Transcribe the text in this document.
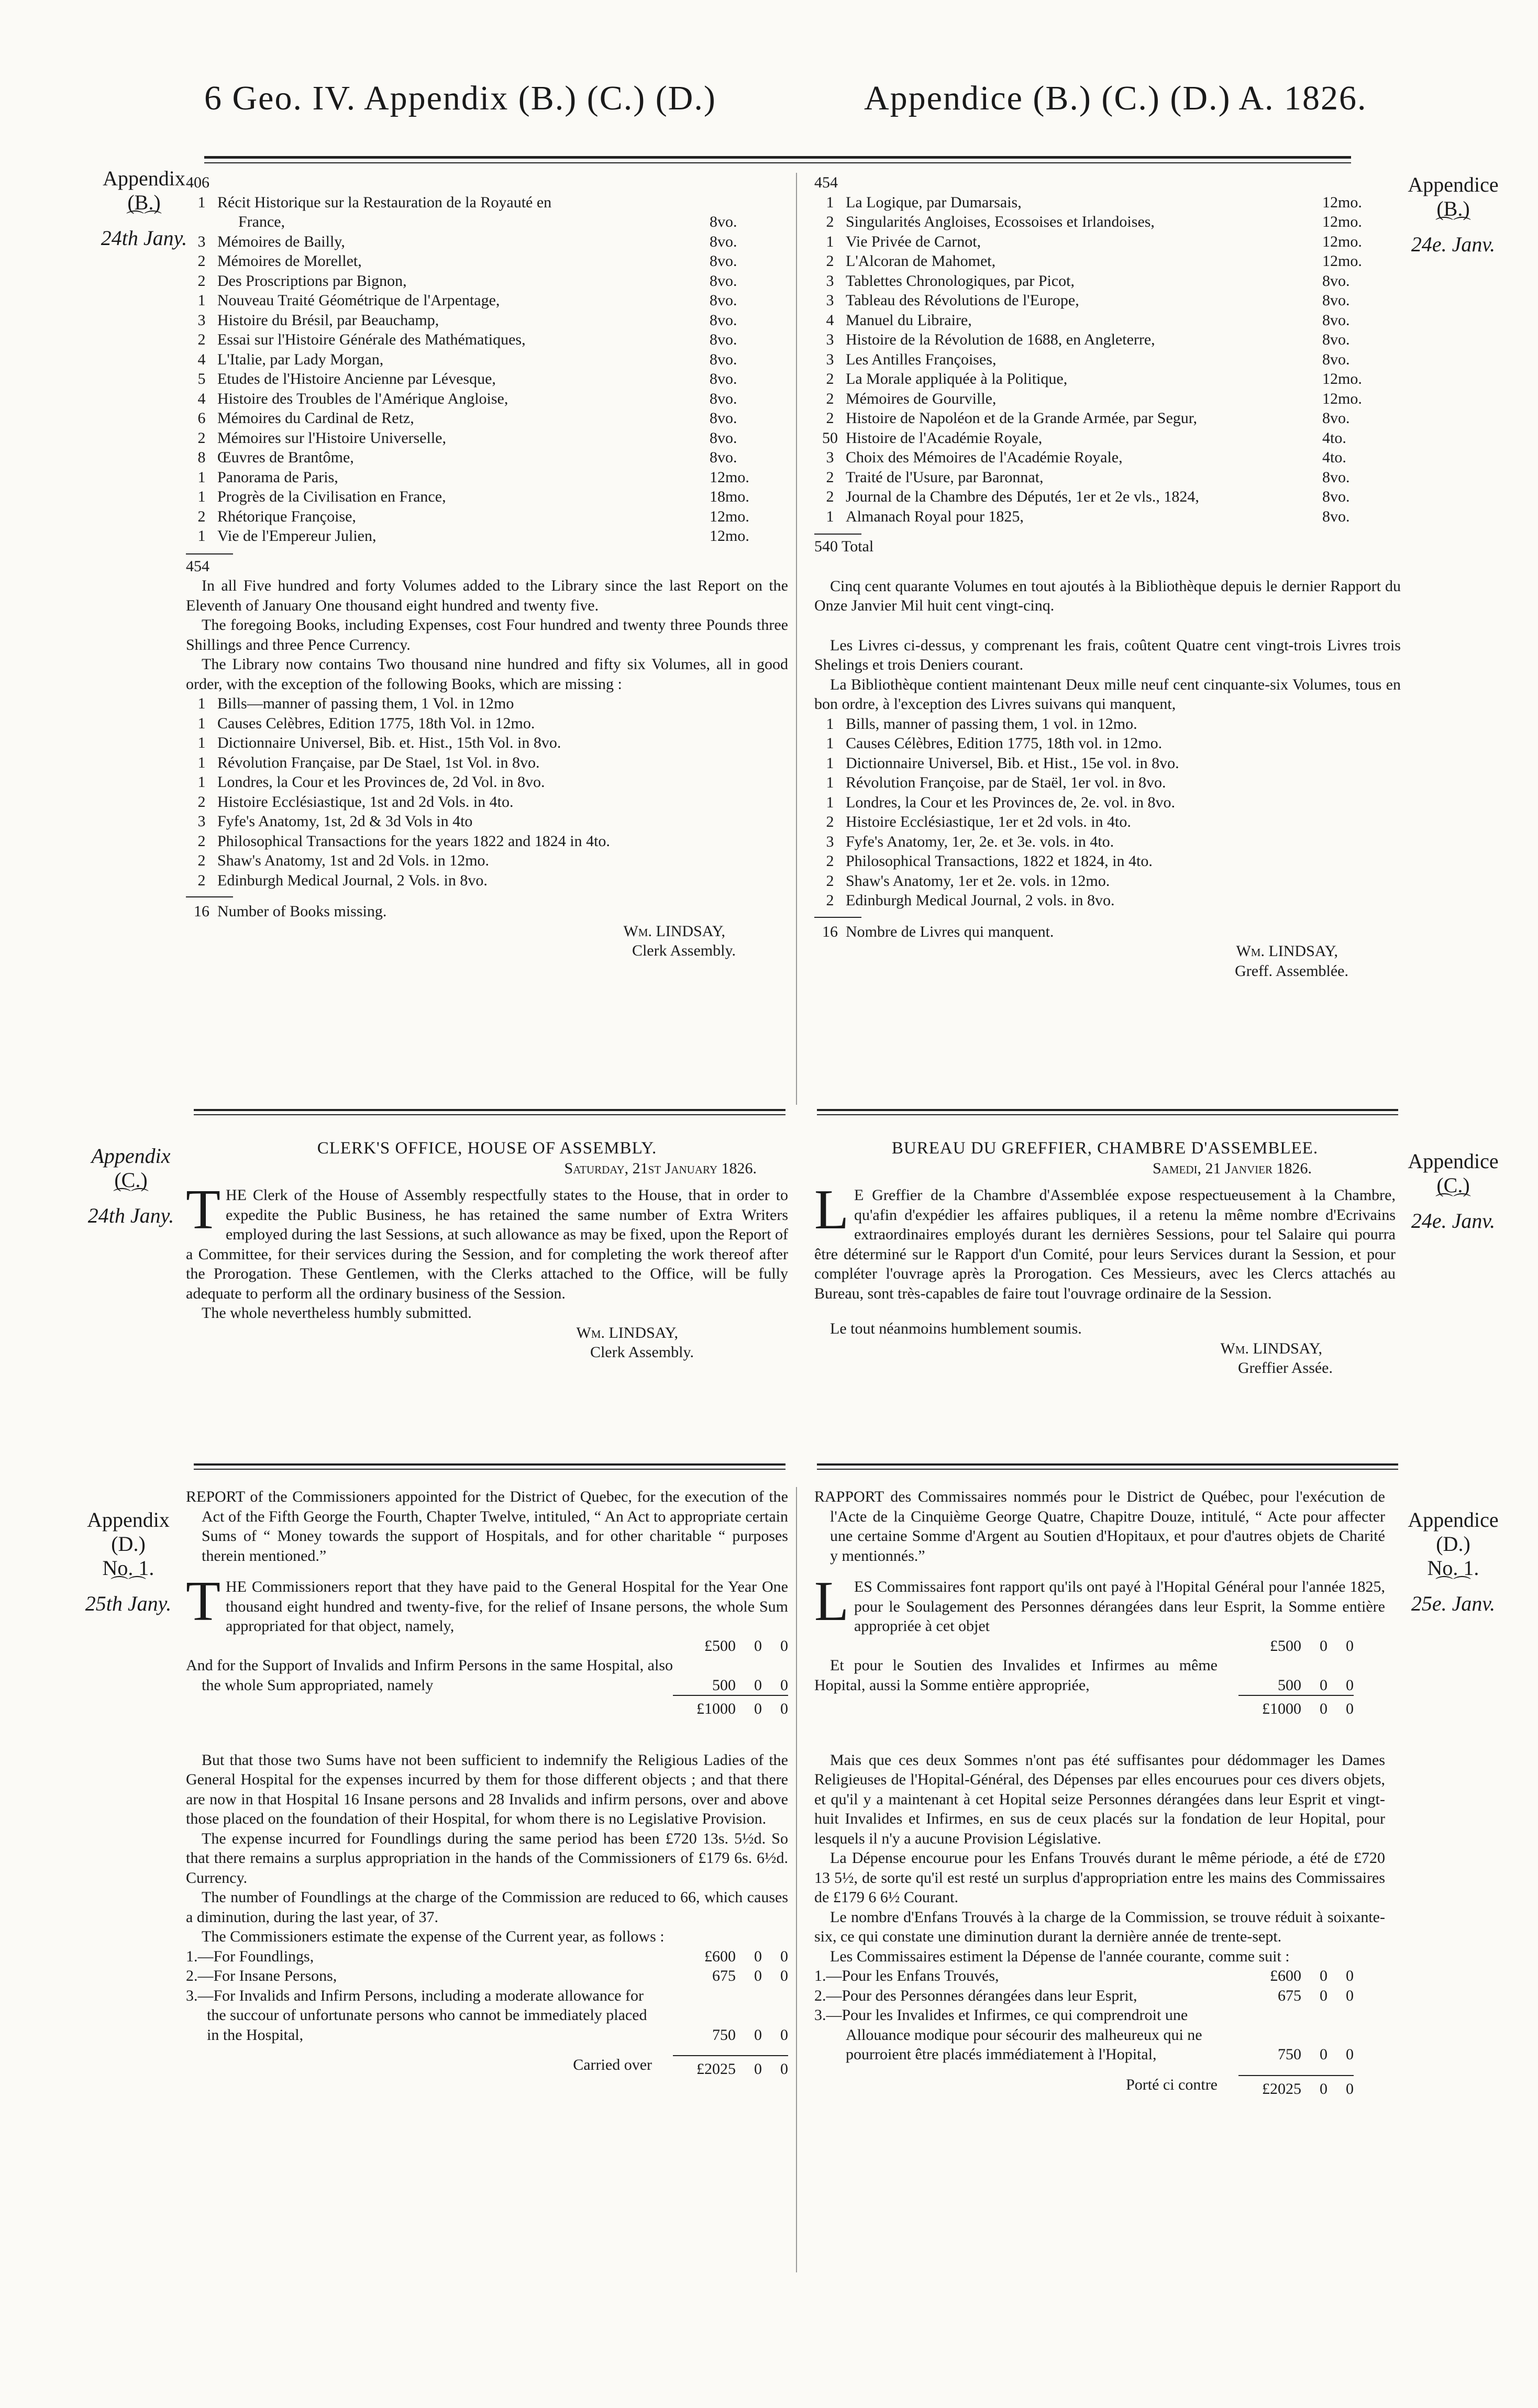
6 Geo. IV. Appendix (B.) (C.) (D.)	Appendice (B.) (C.) (D.) A. 1826.
Appendix
(B.)
⌒⌒
24th Jany.
Appendice
(B.)
⌒⌒
24e. Janv.
Appendix
(C.)
⌒⌒
24th Jany.
Appendice
(C.)
⌒⌒
24e. Janv.
Appendix
(D.)
No. 1.
⌒⌒
25th Jany.
Appendice
(D.)
No. 1.
⌒⌒
25e. Janv.
406
1 Récit Historique sur la Restauration de la Royauté en
France,	8vo.
3 Mémoires de Bailly,	8vo.
2 Mémoires de Morellet,	8vo.
2 Des Proscriptions par Bignon,	8vo.
1 Nouveau Traité Géométrique de l'Arpentage,	8vo.
3 Histoire du Brésil, par Beauchamp,	8vo.
2 Essai sur l'Histoire Générale des Mathématiques,	8vo.
4 L'Italie, par Lady Morgan,	8vo.
5 Etudes de l'Histoire Ancienne par Lévesque,	8vo.
4 Histoire des Troubles de l'Amérique Angloise,	8vo.
6 Mémoires du Cardinal de Retz,	8vo.
2 Mémoires sur l'Histoire Universelle,	8vo.
8 Œuvres de Brantôme,	8vo.
1 Panorama de Paris,	12mo.
1 Progrès de la Civilisation en France,	18mo.
2 Rhétorique Françoise,	12mo.
1 Vie de l'Empereur Julien,	12mo.
454

In all Five hundred and forty Volumes added to the Library since the last Report on the Eleventh of January One thousand eight hundred and twenty five.

The foregoing Books, including Expenses, cost Four hundred and twenty three Pounds three Shillings and three Pence Currency.

The Library now contains Two thousand nine hundred and fifty six Volumes, all in good order, with the exception of the following Books, which are missing :

1 Bills—manner of passing them, 1 Vol. in 12mo
1 Causes Celèbres, Edition 1775, 18th Vol. in 12mo.
1 Dictionnaire Universel, Bib. et. Hist., 15th Vol. in 8vo.
1 Révolution Française, par De Stael, 1st Vol. in 8vo.
1 Londres, la Cour et les Provinces de, 2d Vol. in 8vo.
2 Histoire Ecclésiastique, 1st and 2d Vols. in 4to.
3 Fyfe's Anatomy, 1st, 2d & 3d Vols in 4to
2 Philosophical Transactions for the years 1822 and 1824 in 4to.
2 Shaw's Anatomy, 1st and 2d Vols. in 12mo.
2 Edinburgh Medical Journal, 2 Vols. in 8vo.
16 Number of Books missing.
Wm. LINDSAY,
Clerk Assembly.
454
1 La Logique, par Dumarsais,	12mo.
2 Singularités Angloises, Ecossoises et Irlandoises,	12mo.
1 Vie Privée de Carnot,	12mo.
2 L'Alcoran de Mahomet,	12mo.
3 Tablettes Chronologiques, par Picot,	8vo.
3 Tableau des Révolutions de l'Europe,	8vo.
4 Manuel du Libraire,	8vo.
3 Histoire de la Révolution de 1688, en Angleterre,	8vo.
3 Les Antilles Françoises,	8vo.
2 La Morale appliquée à la Politique,	12mo.
2 Mémoires de Gourville,	12mo.
2 Histoire de Napoléon et de la Grande Armée, par Segur,	8vo.
50 Histoire de l'Académie Royale,	4to.
3 Choix des Mémoires de l'Académie Royale,	4to.
2 Traité de l'Usure, par Baronnat,	8vo.
2 Journal de la Chambre des Députés, 1er et 2e vls., 1824,	8vo.
1 Almanach Royal pour 1825,	8vo.
540 Total

Cinq cent quarante Volumes en tout ajoutés à la Bibliothèque depuis le dernier Rapport du Onze Janvier Mil huit cent vingt-cinq.

Les Livres ci-dessus, y comprenant les frais, coûtent Quatre cent vingt-trois Livres trois Shelings et trois Deniers courant.

La Bibliothèque contient maintenant Deux mille neuf cent cinquante-six Volumes, tous en bon ordre, à l'exception des Livres suivans qui manquent,

1 Bills, manner of passing them, 1 vol. in 12mo.
1 Causes Célèbres, Edition 1775, 18th vol. in 12mo.
1 Dictionnaire Universel, Bib. et Hist., 15e vol. in 8vo.
1 Révolution Françoise, par de Staël, 1er vol. in 8vo.
1 Londres, la Cour et les Provinces de, 2e. vol. in 8vo.
2 Histoire Ecclésiastique, 1er et 2d vols. in 4to.
3 Fyfe's Anatomy, 1er, 2e. et 3e. vols. in 4to.
2 Philosophical Transactions, 1822 et 1824, in 4to.
2 Shaw's Anatomy, 1er et 2e. vols. in 12mo.
2 Edinburgh Medical Journal, 2 vols. in 8vo.
16 Nombre de Livres qui manquent.
Wm. LINDSAY,
Greff. Assemblée.
CLERK'S OFFICE, HOUSE OF ASSEMBLY.
Saturday, 21st January 1826.
T HE Clerk of the House of Assembly respectfully states to the House, that in order to expedite the Public Business, he has retained the same number of Extra Writers employed during the last Sessions, at such allowance as may be fixed, upon the Report of a Committee, for their services during the Session, and for completing the work thereof after the Prorogation. These Gentlemen, with the Clerks attached to the Office, will be fully adequate to perform all the ordinary business of the Session.

The whole nevertheless humbly submitted.

Wm. LINDSAY,
Clerk Assembly.
BUREAU DU GREFFIER, CHAMBRE D'ASSEMBLEE.
Samedi, 21 Janvier 1826.
L E Greffier de la Chambre d'Assemblée expose respectueusement à la Chambre, qu'afin d'expédier les affaires publiques, il a retenu la même nombre d'Ecrivains extraordinaires employés durant les dernières Sessions, pour tel Salaire qui pourra être déterminé sur le Rapport d'un Comité, pour leurs Services durant la Session, et pour compléter l'ouvrage après la Prorogation. Ces Messieurs, avec les Clercs attachés au Bureau, sont très-capables de faire tout l'ouvrage ordinaire de la Session.

Le tout néanmoins humblement soumis.

Wm. LINDSAY,
Greffier Assée.

REPORT of the Commissioners appointed for the District of Quebec, for the execution of the Act of the Fifth George the Fourth, Chapter Twelve, intituled, “ An Act to appropriate certain Sums of “ Money towards the support of Hospitals, and for other charitable “ purposes therein mentioned.”

T HE Commissioners report that they have paid to the General Hospital for the Year One thousand eight hundred and twenty-five, for the relief of Insane persons, the whole Sum appropriated for that object, namely,

£500	0	0

And for the Support of Invalids and Infirm Persons in the same Hospital, also the whole Sum appropriated, namely	500	0	0
£1000	0	0

But that those two Sums have not been sufficient to indemnify the Religious Ladies of the General Hospital for the expenses incurred by them for those different objects ; and that there are now in that Hospital 16 Insane persons and 28 Invalids and infirm persons, over and above those placed on the foundation of their Hospital, for whom there is no Legislative Provision.

The expense incurred for Foundlings during the same period has been £720 13s. 5½d. So that there remains a surplus appropriation in the hands of the Commissioners of £179 6s. 6½d. Currency.

The number of Foundlings at the charge of the Commission are reduced to 66, which causes a diminution, during the last year, of 37.

The Commissioners estimate the expense of the Current year, as follows :

1.—For Foundlings,	£600	0	0
2.—For Insane Persons,	675	0	0
3.—For Invalids and Infirm Persons, including a moderate allowance for the succour of unfortunate persons who cannot be immediately placed in the Hospital,	750	0	0
Carried over	£2025	0	0

RAPPORT des Commissaires nommés pour le District de Québec, pour l'exécution de l'Acte de la Cinquième George Quatre, Chapitre Douze, intitulé, “ Acte pour affecter une certaine Somme d'Argent au Soutien d'Hopitaux, et pour d'autres objets de Charité y mentionnés.”

L ES Commissaires font rapport qu'ils ont payé à l'Hopital Général pour l'année 1825, pour le Soulagement des Personnes dérangées dans leur Esprit, la Somme entière appropriée à cet objet

£500	0	0

Et pour le Soutien des Invalides et Infirmes au même Hopital, aussi la Somme entière appropriée,	500	0	0
£1000	0	0

Mais que ces deux Sommes n'ont pas été suffisantes pour dédommager les Dames Religieuses de l'Hopital-Général, des Dépenses par elles encourues pour ces divers objets, et qu'il y a maintenant à cet Hopital seize Personnes dérangées dans leur Esprit et vingt-huit Invalides et Infirmes, en sus de ceux placés sur la fondation de leur Hopital, pour lesquels il n'y a aucune Provision Législative.

La Dépense encourue pour les Enfans Trouvés durant le même période, a été de £720 13 5½, de sorte qu'il est resté un surplus d'appropriation entre les mains des Commissaires de £179 6 6½ Courant.

Le nombre d'Enfans Trouvés à la charge de la Commission, se trouve réduit à soixante-six, ce qui constate une diminution durant la dernière année de trente-sept.

Les Commissaires estiment la Dépense de l'année courante, comme suit :

1.—Pour les Enfans Trouvés,	£600	0	0
2.—Pour des Personnes dérangées dans leur Esprit,	675	0	0
3.—Pour les Invalides et Infirmes, ce qui comprendroit une Allouance modique pour sécourir des malheureux qui ne pourroient être placés immédiatement à l'Hopital,	750	0	0
Porté ci contre	£2025	0	0
